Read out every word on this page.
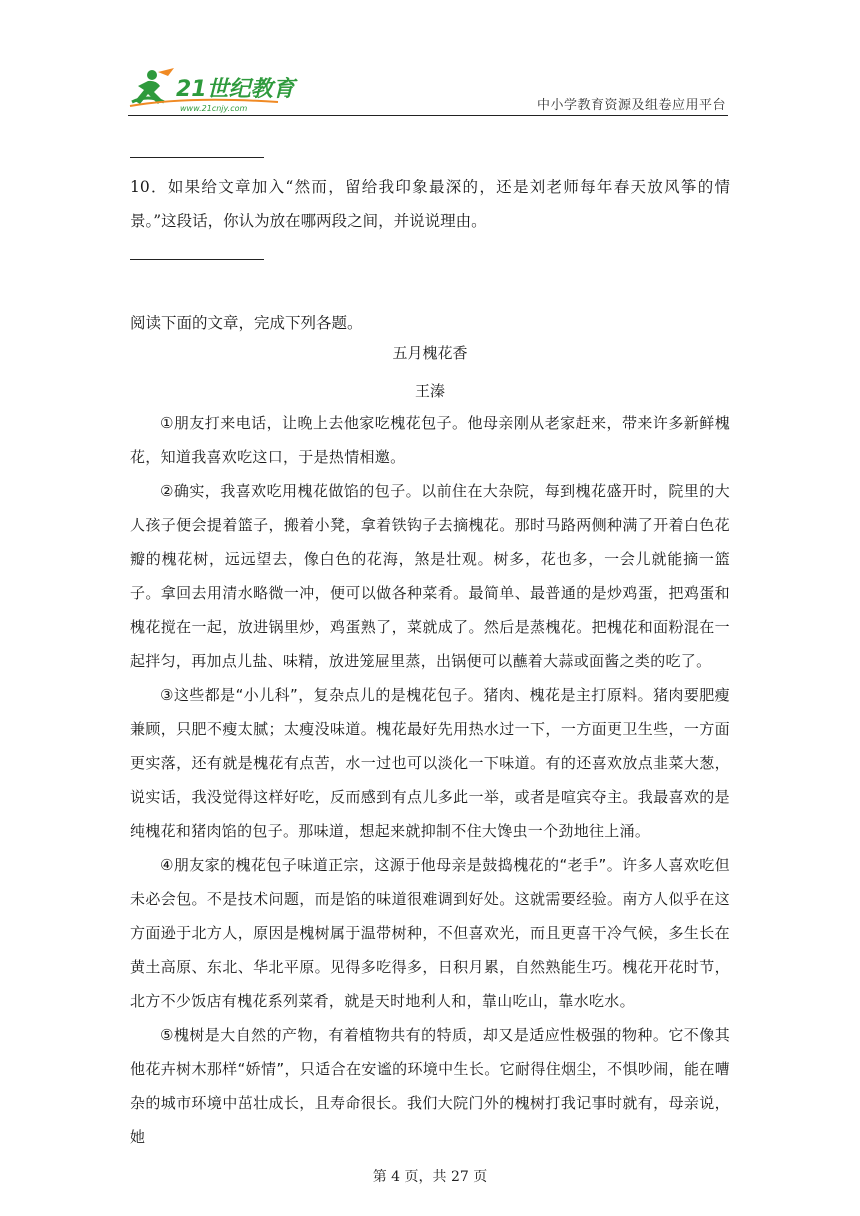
21世纪教育
www.21cnjy.com	中小学教育资源及组卷应用平台
10．如果给文章加入“然而，留给我印象最深的，还是刘老师每年春天放风筝的情景。”这段话，你认为放在哪两段之间，并说说理由。
阅读下面的文章，完成下列各题。
五月槐花香
王溱

①朋友打来电话，让晚上去他家吃槐花包子。他母亲刚从老家赶来，带来许多新鲜槐花，知道我喜欢吃这口，于是热情相邀。

②确实，我喜欢吃用槐花做馅的包子。以前住在大杂院，每到槐花盛开时，院里的大人孩子便会提着篮子，搬着小凳，拿着铁钩子去摘槐花。那时马路两侧种满了开着白色花瓣的槐花树，远远望去，像白色的花海，煞是壮观。树多，花也多，一会儿就能摘一篮子。拿回去用清水略微一冲，便可以做各种菜肴。最简单、最普通的是炒鸡蛋，把鸡蛋和槐花搅在一起，放进锅里炒，鸡蛋熟了，菜就成了。然后是蒸槐花。把槐花和面粉混在一起拌匀，再加点儿盐、味精，放进笼屉里蒸，出锅便可以蘸着大蒜或面酱之类的吃了。

③这些都是“小儿科”，复杂点儿的是槐花包子。猪肉、槐花是主打原料。猪肉要肥瘦兼顾，只肥不瘦太腻；太瘦没味道。槐花最好先用热水过一下，一方面更卫生些，一方面更实落，还有就是槐花有点苦，水一过也可以淡化一下味道。有的还喜欢放点韭菜大葱，说实话，我没觉得这样好吃，反而感到有点儿多此一举，或者是喧宾夺主。我最喜欢的是纯槐花和猪肉馅的包子。那味道，想起来就抑制不住大馋虫一个劲地往上涌。

④朋友家的槐花包子味道正宗，这源于他母亲是鼓捣槐花的“老手”。许多人喜欢吃但未必会包。不是技术问题，而是馅的味道很难调到好处。这就需要经验。南方人似乎在这方面逊于北方人，原因是槐树属于温带树种，不但喜欢光，而且更喜干冷气候，多生长在黄土高原、东北、华北平原。见得多吃得多，日积月累，自然熟能生巧。槐花开花时节，北方不少饭店有槐花系列菜肴，就是天时地利人和，靠山吃山，靠水吃水。

⑤槐树是大自然的产物，有着植物共有的特质，却又是适应性极强的物种。它不像其他花卉树木那样“娇情”，只适合在安谧的环境中生长。它耐得住烟尘，不惧吵闹，能在嘈杂的城市环境中茁壮成长，且寿命很长。我们大院门外的槐树打我记事时就有，母亲说，她

第 4 页，共 27 页
